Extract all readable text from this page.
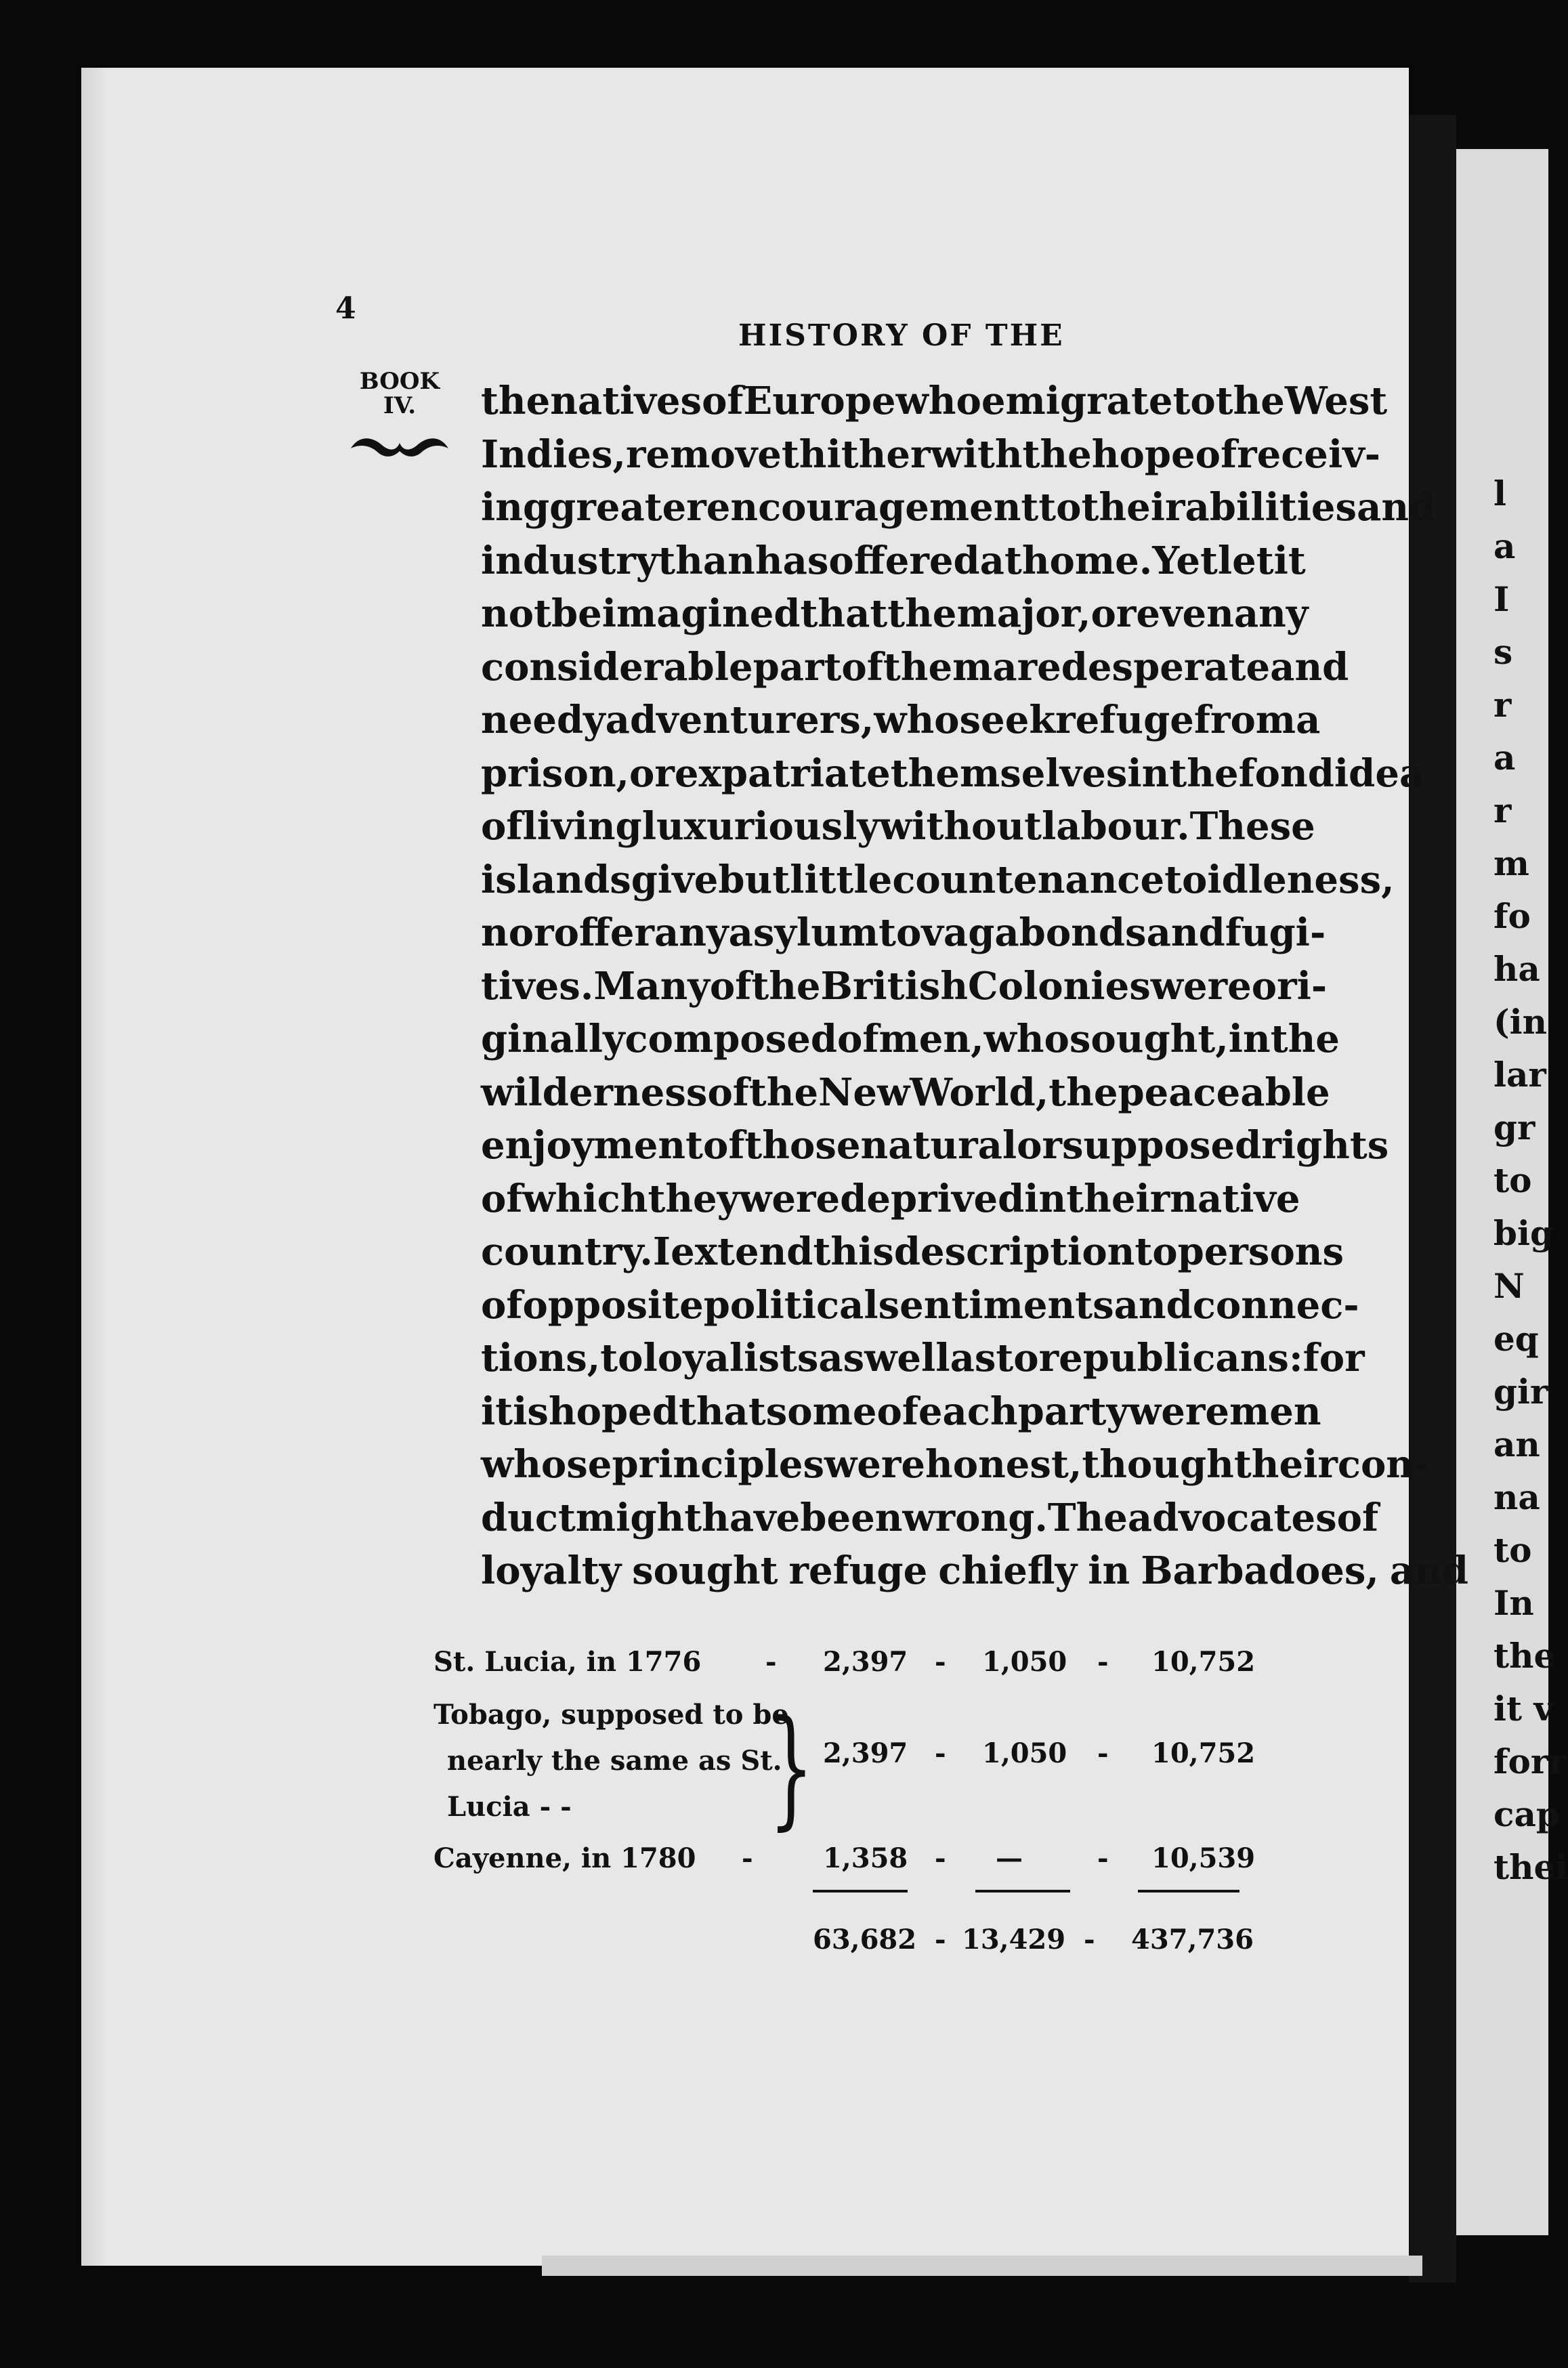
l
a
I
s
r
a
r
m
fo
ha
(in
lar
gr
to
big
N
eq
gir
an
na
to
In
the
it v
forr
cap
thei
4
HISTORY OF THE
BOOK
IV.	the natives of Europe who emigrate to the West
Indies, remove thither with the hope of receiv-
ing greater encouragement to their abilities and
industry than has offered at home. Yet let it
not be imagined that the major, or even any
considerable part of them are desperate and
needy adventurers, who seek refuge from a
prison, or expatriate themselves in the fond idea
of living luxuriously without labour. These
islands give but little countenance to idleness,
nor offer any asylum to vagabonds and fugi-
tives. Many of the British Colonies were ori-
ginally composed of men, who sought, in the
wilderness of the New World, the peaceable
enjoyment of those natural or supposed rights
of which they were deprived in their native
country. I extend this description to persons
of opposite political sentiments and connec-
tions, to loyalists as well as to republicans: for
it is hoped that some of each party were men
whose principles were honest, though their con-
duct might have been wrong. The advocates of
loyalty sought refuge chiefly in Barbadoes, and
St. Lucia, in 1776 - 2,397 - 1,050 - 10,752
Tobago, supposed to be
nearly the same as St.
Lucia - -	} 2,397 - 1,050 - 10,752
Cayenne, in 1780 -	1,358 - —	- 10,539
63,682 - 13,429 - 437,736
